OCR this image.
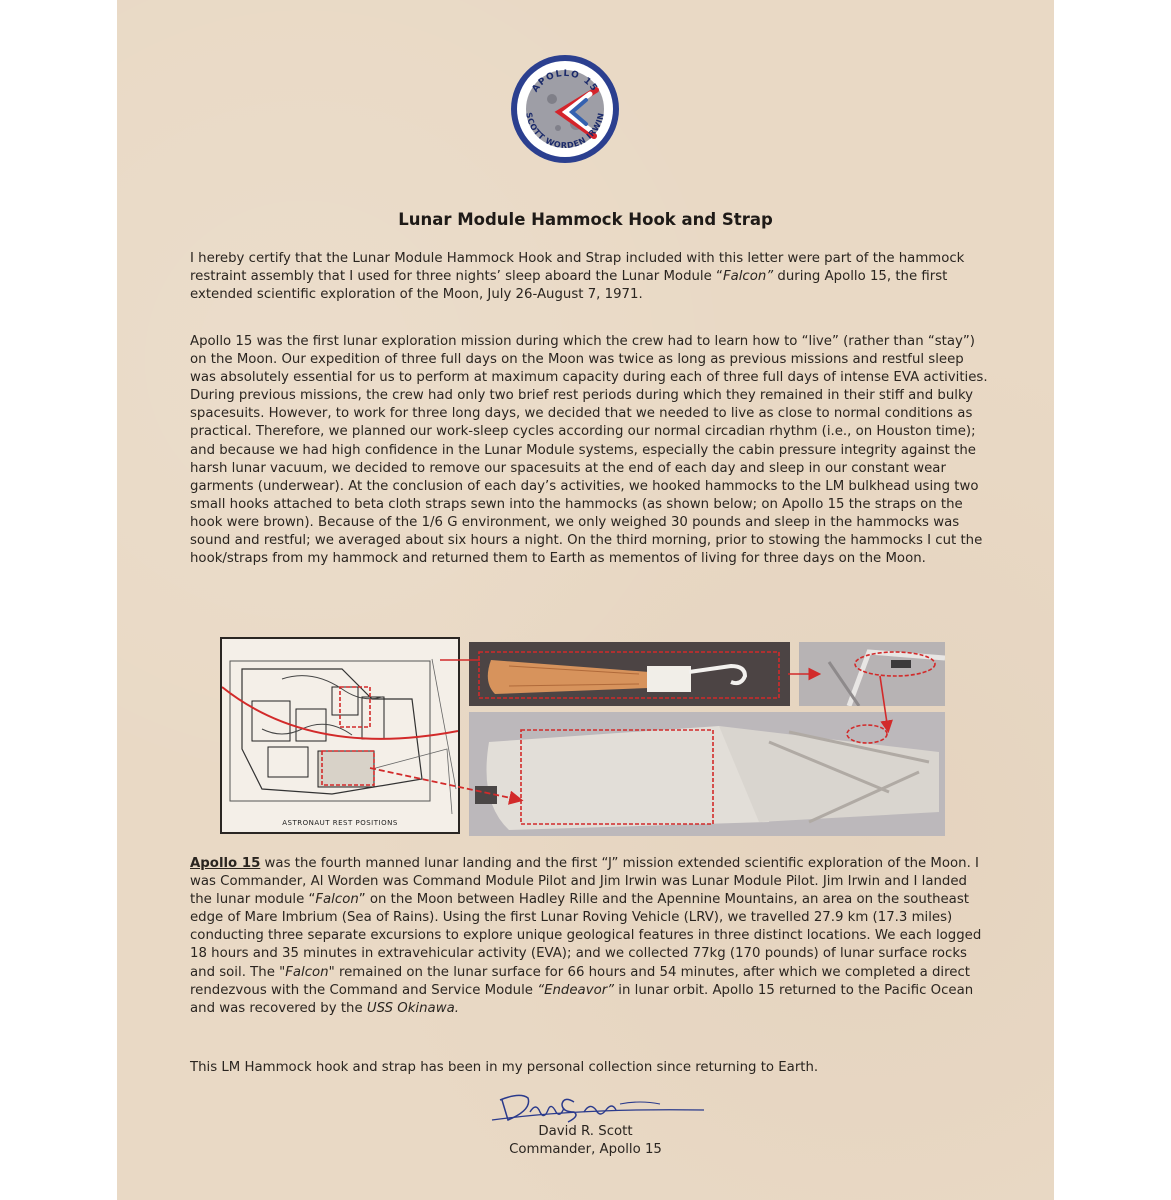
APOLLO 15
SCOTT WORDEN IRWIN
Lunar Module Hammock Hook and Strap

I hereby certify that the Lunar Module Hammock Hook and Strap included with this letter were part of the hammock restraint assembly that I used for three nights’ sleep aboard the Lunar Module “Falcon” during Apollo 15, the first extended scientific exploration of the Moon, July 26-August 7, 1971.

Apollo 15 was the first lunar exploration mission during which the crew had to learn how to “live” (rather than “stay”) on the Moon. Our expedition of three full days on the Moon was twice as long as previous missions and restful sleep was absolutely essential for us to perform at maximum capacity during each of three full days of intense EVA activities. During previous missions, the crew had only two brief rest periods during which they remained in their stiff and bulky spacesuits. However, to work for three long days, we decided that we needed to live as close to normal conditions as practical. Therefore, we planned our work-sleep cycles according our normal circadian rhythm (i.e., on Houston time); and because we had high confidence in the Lunar Module systems, especially the cabin pressure integrity against the harsh lunar vacuum, we decided to remove our spacesuits at the end of each day and sleep in our constant wear garments (underwear). At the conclusion of each day’s activities, we hooked hammocks to the LM bulkhead using two small hooks attached to beta cloth straps sewn into the hammocks (as shown below; on Apollo 15 the straps on the hook were brown). Because of the 1/6 G environment, we only weighed 30 pounds and sleep in the hammocks was sound and restful; we averaged about six hours a night. On the third morning, prior to stowing the hammocks I cut the hook/straps from my hammock and returned them to Earth as mementos of living for three days on the Moon.

ASTRONAUT REST POSITIONS

Apollo 15 was the fourth manned lunar landing and the first “J” mission extended scientific exploration of the Moon. I was Commander, Al Worden was Command Module Pilot and Jim Irwin was Lunar Module Pilot. Jim Irwin and I landed the lunar module “Falcon” on the Moon between Hadley Rille and the Apennine Mountains, an area on the southeast edge of Mare Imbrium (Sea of Rains). Using the first Lunar Roving Vehicle (LRV), we travelled 27.9 km (17.3 miles) conducting three separate excursions to explore unique geological features in three distinct locations. We each logged 18 hours and 35 minutes in extravehicular activity (EVA); and we collected 77kg (170 pounds) of lunar surface rocks and soil. The "Falcon" remained on the lunar surface for 66 hours and 54 minutes, after which we completed a direct rendezvous with the Command and Service Module “Endeavor” in lunar orbit. Apollo 15 returned to the Pacific Ocean and was recovered by the USS Okinawa.

This LM Hammock hook and strap has been in my personal collection since returning to Earth.

David R. Scott

Commander, Apollo 15
